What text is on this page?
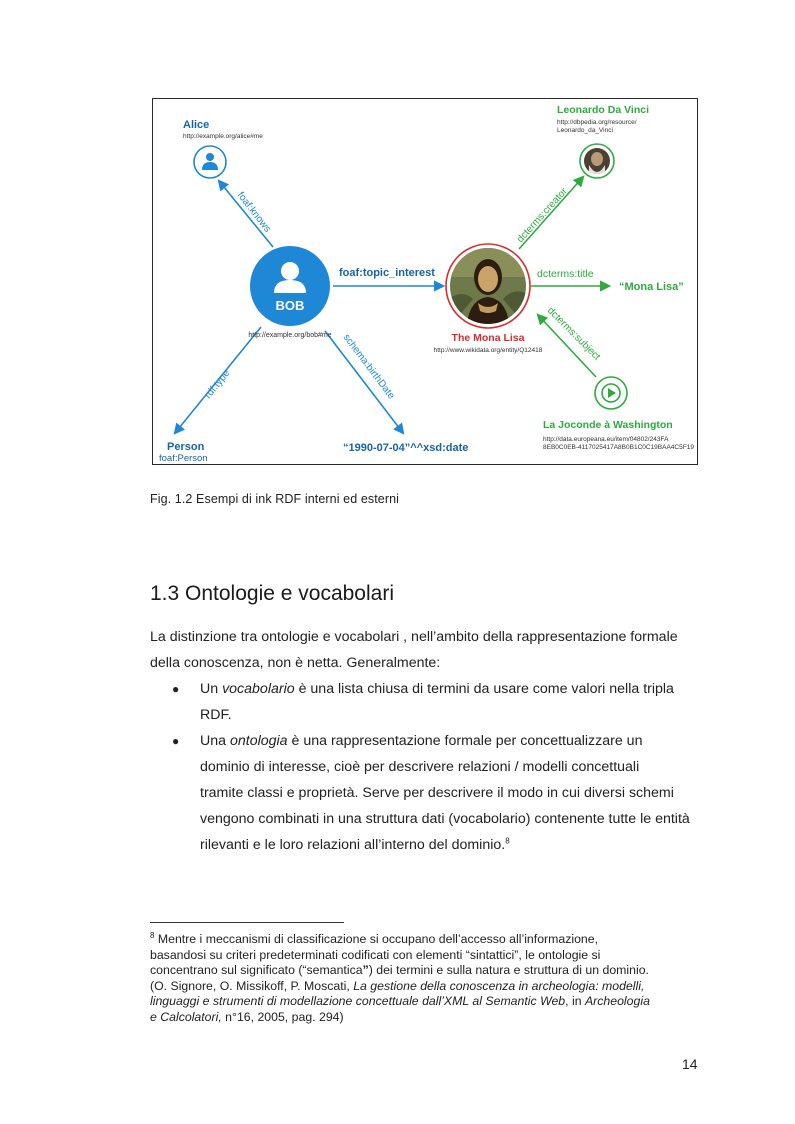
foaf:knows
foaf:topic_interest
rdf:type	schema:birthDate
dcterms:creator
dcterms:title
dcterms:subject
Alice
http://example.org/alice#me
BOB
http://example.org/bob#me
Person
foaf:Person
“1990-07-04”^^xsd:date
Leonardo Da Vinci
http://dbpedia.org/resource/
Leonardo_da_Vinci
The Mona Lisa
http://www.wikidata.org/entity/Q12418
“Mona Lisa”
La Joconde à Washington
http://data.europeana.eu/item/04802/243FA
8EB0C0EB-4117025417A8B0B1C0C19BAA4C5F19
Fig. 1.2 Esempi di ink RDF interni ed esterni
1.3 Ontologie e vocabolari
La distinzione tra ontologie e vocabolari , nell’ambito della rappresentazione formale
della conoscenza, non è netta. Generalmente:
● Un vocabolario è una lista chiusa di termini da usare come valori nella tripla
RDF.
● Una ontologia è una rappresentazione formale per concettualizzare un
dominio di interesse, cioè per descrivere relazioni / modelli concettuali
tramite classi e proprietà. Serve per descrivere il modo in cui diversi schemi
vengono combinati in una struttura dati (vocabolario) contenente tutte le entità
rilevanti e le loro relazioni all’interno del dominio.$^8$
$^8$ Mentre i meccanismi di classificazione si occupano dell’accesso all’informazione,
basandosi su criteri predeterminati codificati con elementi “sintattici”, le ontologie si
concentrano sul significato (“semantica”) dei termini e sulla natura e struttura di un dominio.
(O. Signore, O. Missikoff, P. Moscati, La gestione della conoscenza in archeologia: modelli,
linguaggi e strumenti di modellazione concettuale dall’XML al Semantic Web, in Archeologia
e Calcolatori, n°16, 2005, pag. 294)
14
